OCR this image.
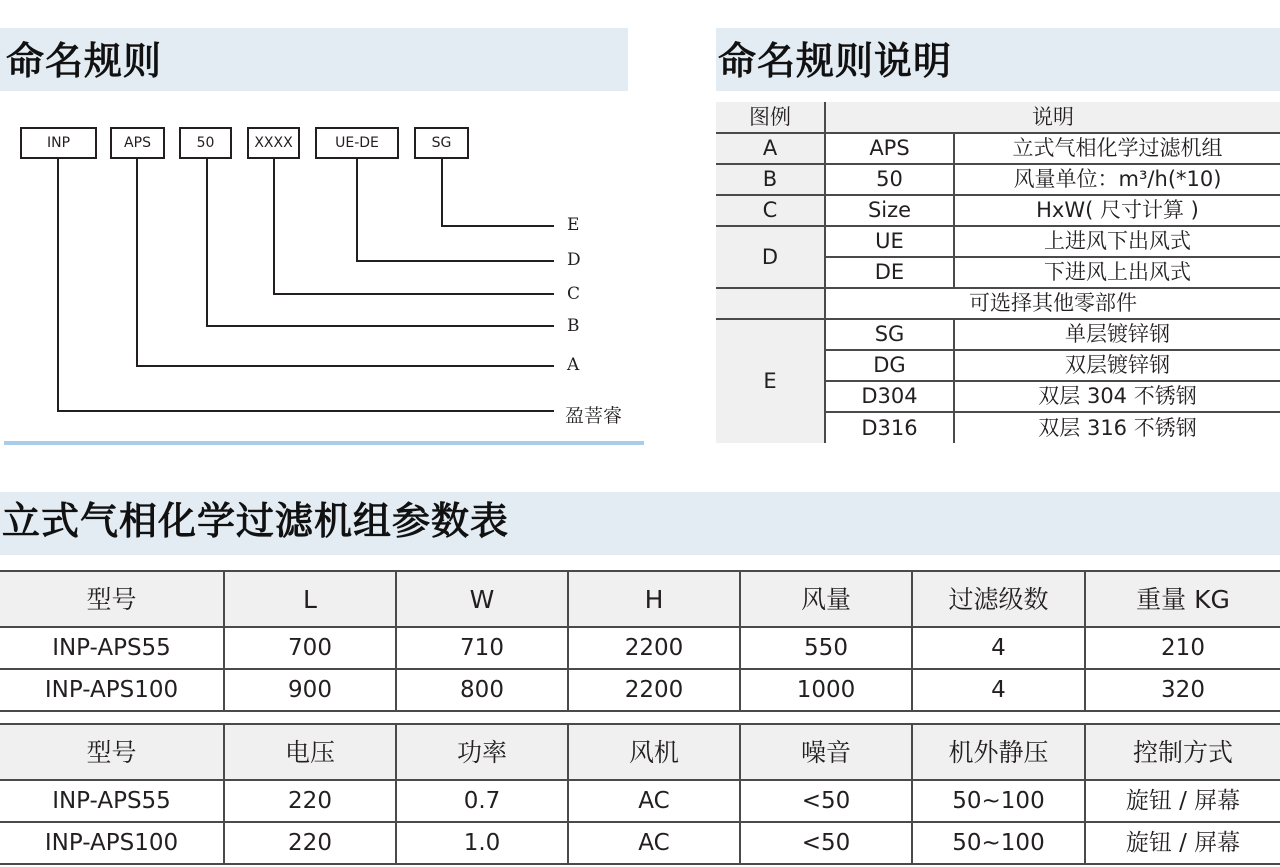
命名规则	命名规则说明
立式气相化学过滤机组参数表
INP	APS	50	XXXX	UE-DE	SG
E
D
C
B
A
盈菩睿
图例	说明	
A	APS	立式气相化学过滤机组
B	50	风量单位：m³/h(*10)
C	Size	HxW( 尺寸计算 )
D	UE	上进风下出风式
	DE	下进风上出风式
	可选择其他零部件	
E	SG	单层镀锌钢
	DG	双层镀锌钢
	D304	双层 304 不锈钢
	D316	双层 316 不锈钢
型号	L	W	H	风量	过滤级数	重量 KG
INP-APS55	700	710	2200	550	4	210
INP-APS100	900	800	2200	1000	4	320
型号	电压	功率	风机	噪音	机外静压	控制方式
INP-APS55	220	0.7	AC	<50	50~100	旋钮 / 屏幕
INP-APS100	220	1.0	AC	<50	50~100	旋钮 / 屏幕
